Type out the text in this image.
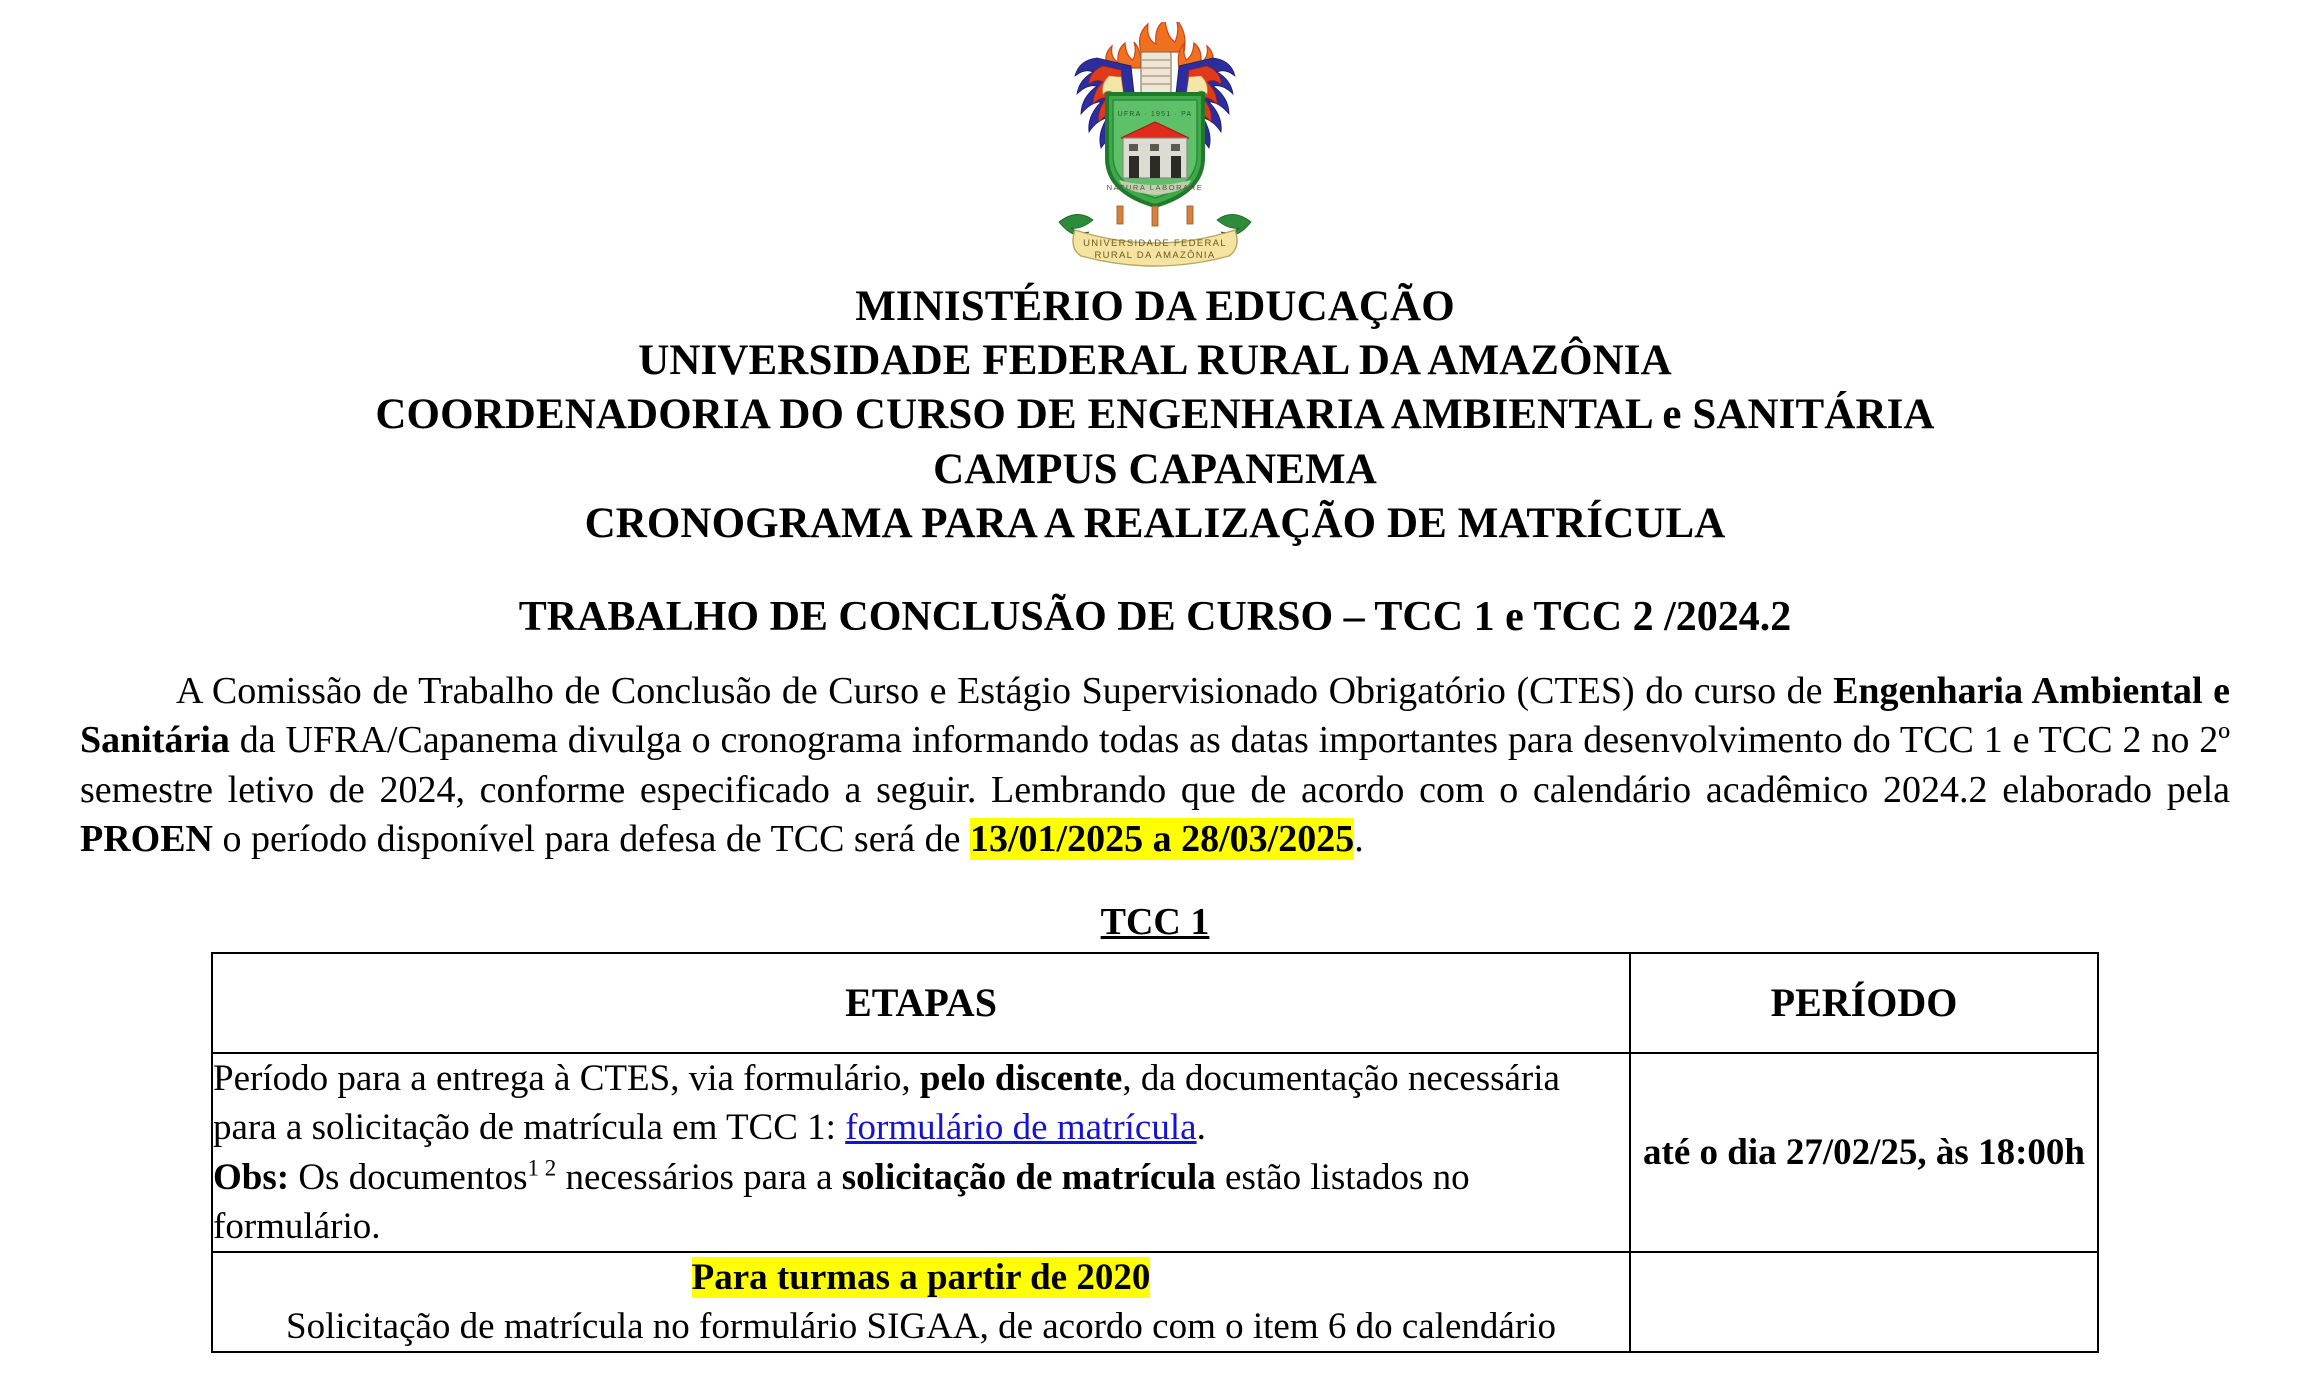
UFRA · 1951 · PA
NATURA LABORARE
UNIVERSIDADE FEDERAL
RURAL DA AMAZÔNIA
MINISTÉRIO DA EDUCAÇÃO
UNIVERSIDADE FEDERAL RURAL DA AMAZÔNIA
COORDENADORIA DO CURSO DE ENGENHARIA AMBIENTAL e SANITÁRIA
CAMPUS CAPANEMA
CRONOGRAMA PARA A REALIZAÇÃO DE MATRÍCULA
TRABALHO DE CONCLUSÃO DE CURSO – TCC 1 e TCC 2 /2024.2

A Comissão de Trabalho de Conclusão de Curso e Estágio Supervisionado Obrigatório (CTES) do curso de Engenharia Ambiental e Sanitária da UFRA/Capanema divulga o cronograma informando todas as datas importantes para desenvolvimento do TCC 1 e TCC 2 no 2º semestre letivo de 2024, conforme especificado a seguir. Lembrando que de acordo com o calendário acadêmico 2024.2 elaborado pela PROEN o período disponível para defesa de TCC será de 13/01/2025 a 28/03/2025.

TCC 1
ETAPAS	PERÍODO
Período para a entrega à CTES, via formulário, pelo discente, da documentação necessária para a solicitação de matrícula em TCC 1: formulário de matrícula.
Obs: Os documentos$^{1 2}$ necessários para a solicitação de matrícula estão listados no formulário.	até o dia 27/02/25, às 18:00h
Para turmas a partir de 2020
Solicitação de matrícula no formulário SIGAA, de acordo com o item 6 do calendário	
